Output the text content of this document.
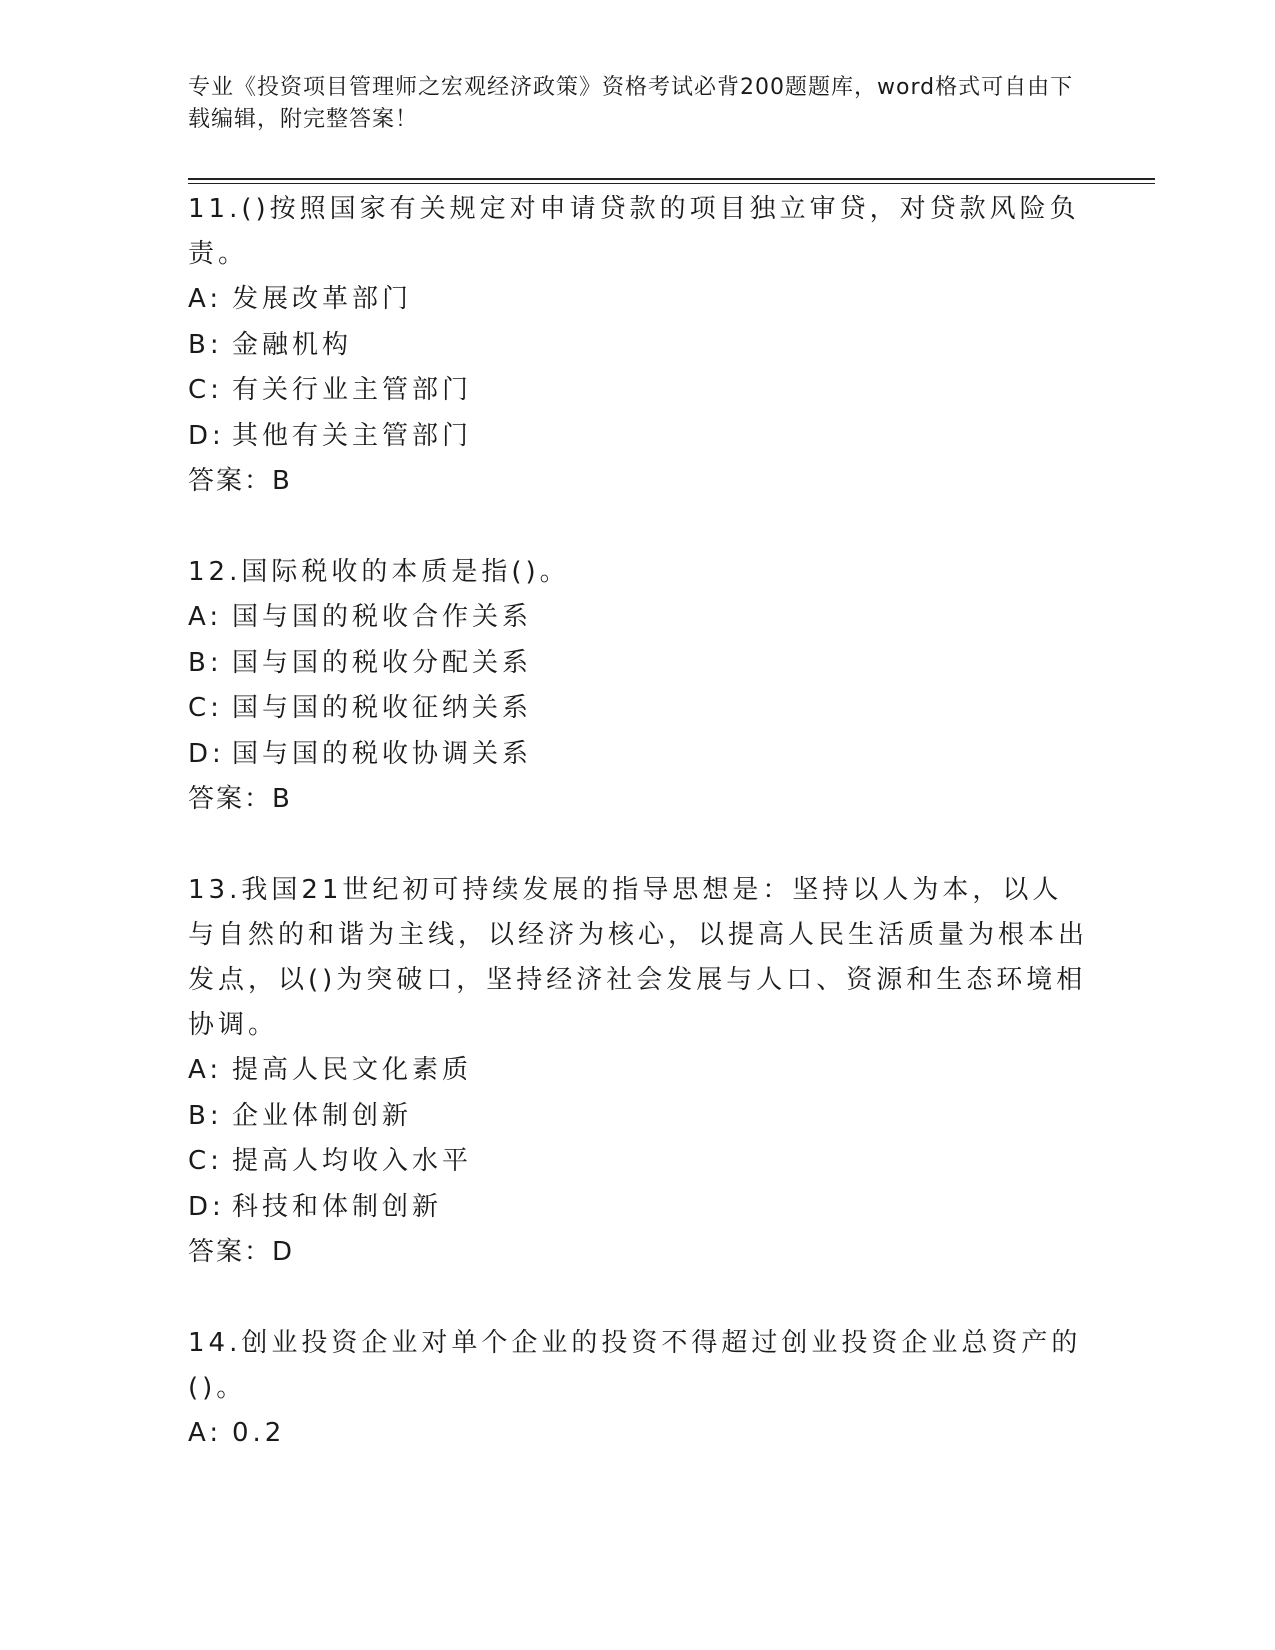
专业《投资项目管理师之宏观经济政策》资格考试必背200题题库，word格式可自由下载编辑，附完整答案！
11.()按照国家有关规定对申请贷款的项目独立审贷，对贷款风险负责。
A: 发展改革部门
B: 金融机构
C: 有关行业主管部门
D: 其他有关主管部门
答案：B
12.国际税收的本质是指()。
A: 国与国的税收合作关系
B: 国与国的税收分配关系
C: 国与国的税收征纳关系
D: 国与国的税收协调关系
答案：B
13.我国21世纪初可持续发展的指导思想是：坚持以人为本，以人与自然的和谐为主线，以经济为核心，以提高人民生活质量为根本出发点，以()为突破口，坚持经济社会发展与人口、资源和生态环境相协调。
A: 提高人民文化素质
B: 企业体制创新
C: 提高人均收入水平
D: 科技和体制创新
答案：D
14.创业投资企业对单个企业的投资不得超过创业投资企业总资产的()。
A: 0.2
